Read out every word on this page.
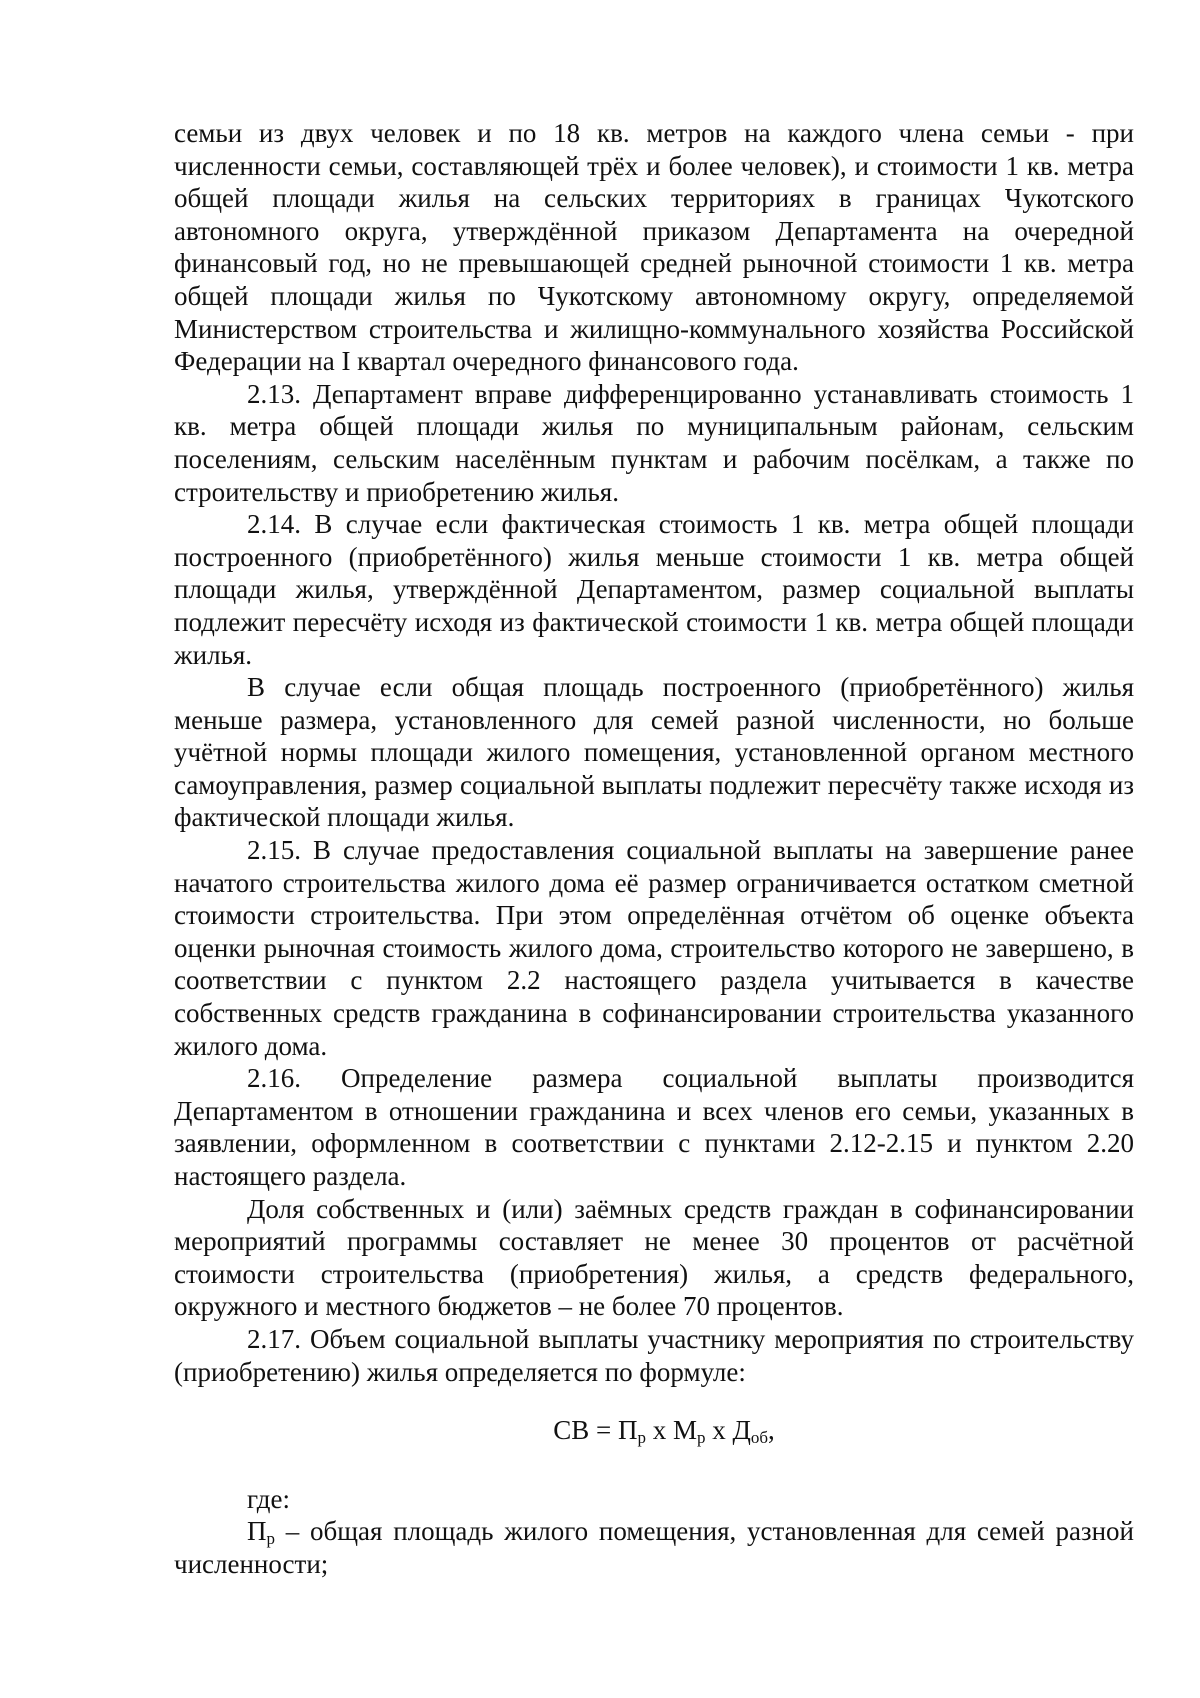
семьи из двух человек и по 18 кв. метров на каждого члена семьи - при численности семьи, составляющей трёх и более человек), и стоимости 1 кв. метра общей площади жилья на сельских территориях в границах Чукотского автономного округа, утверждённой приказом Департамента на очередной финансовый год, но не превышающей средней рыночной стоимости 1 кв. метра общей площади жилья по Чукотскому автономному округу, определяемой Министерством строительства и жилищно-коммунального хозяйства Российской Федерации на I квартал очередного финансового года.

2.13. Департамент вправе дифференцированно устанавливать стоимость 1 кв. метра общей площади жилья по муниципальным районам, сельским поселениям, сельским населённым пунктам и рабочим посёлкам, а также по строительству и приобретению жилья.

2.14. В случае если фактическая стоимость 1 кв. метра общей площади построенного (приобретённого) жилья меньше стоимости 1 кв. метра общей площади жилья, утверждённой Департаментом, размер социальной выплаты подлежит пересчёту исходя из фактической стоимости 1 кв. метра общей площади жилья.

В случае если общая площадь построенного (приобретённого) жилья меньше размера, установленного для семей разной численности, но больше учётной нормы площади жилого помещения, установленной органом местного самоуправления, размер социальной выплаты подлежит пересчёту также исходя из фактической площади жилья.

2.15. В случае предоставления социальной выплаты на завершение ранее начатого строительства жилого дома её размер ограничивается остатком сметной стоимости строительства. При этом определённая отчётом об оценке объекта оценки рыночная стоимость жилого дома, строительство которого не завершено, в соответствии с пунктом 2.2 настоящего раздела учитывается в качестве собственных средств гражданина в софинансировании строительства указанного жилого дома.

2.16. Определение размера социальной выплаты производится Департаментом в отношении гражданина и всех членов его семьи, указанных в заявлении, оформленном в соответствии с пунктами 2.12-2.15 и пунктом 2.20 настоящего раздела.

Доля собственных и (или) заёмных средств граждан в софинансировании мероприятий программы составляет не менее 30 процентов от расчётной стоимости строительства (приобретения) жилья, а средств федерального, окружного и местного бюджетов – не более 70 процентов.

2.17. Объем социальной выплаты участнику мероприятия по строительству (приобретению) жилья определяется по формуле:

СВ = $П_р$ х $М_р$ х $Д_{об}$,

где:

$П_р$ – общая площадь жилого помещения, установленная для семей разной численности;
